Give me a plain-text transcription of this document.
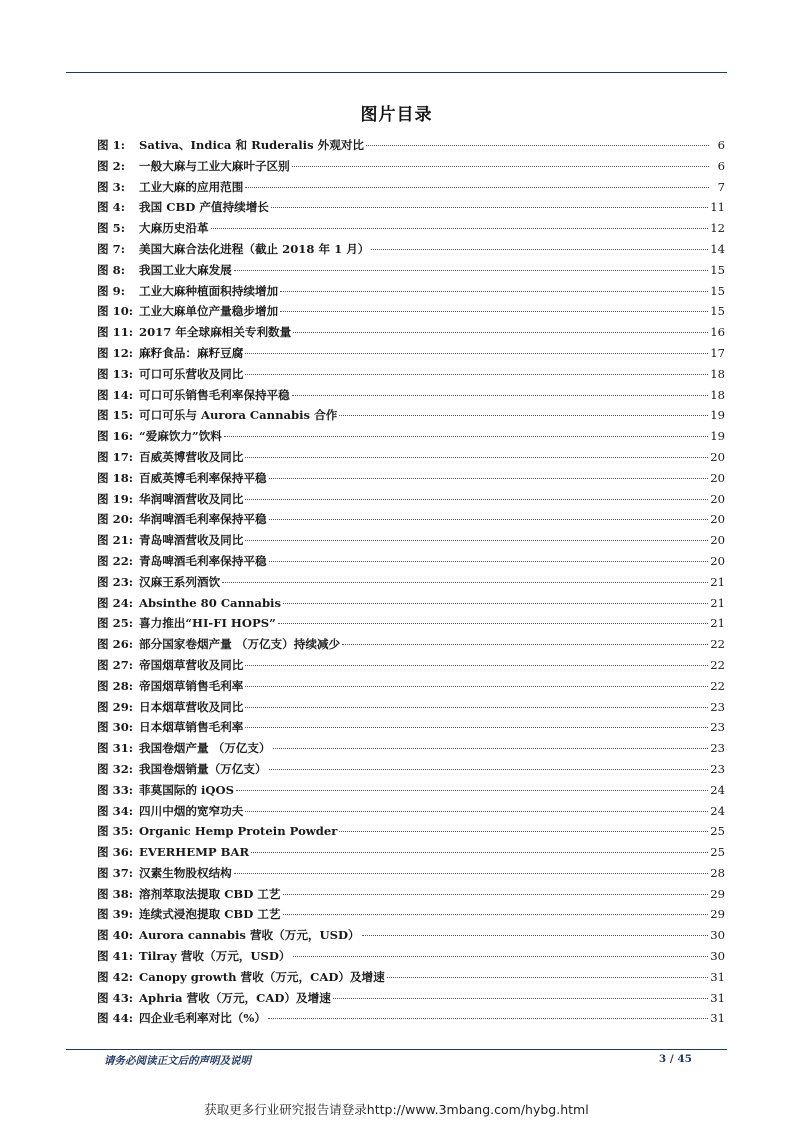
图片目录
图 1:	Sativa、Indica 和 Ruderalis 外观对比	6
图 2:	一般大麻与工业大麻叶子区别	6
图 3:	工业大麻的应用范围	7
图 4:	我国 CBD 产值持续增长	11
图 5:	大麻历史沿革	12
图 7:	美国大麻合法化进程（截止 2018 年 1 月）	14
图 8:	我国工业大麻发展	15
图 9:	工业大麻种植面积持续增加	15
图 10: 工业大麻单位产量稳步增加	15
图 11: 2017 年全球麻相关专利数量	16
图 12: 麻籽食品：麻籽豆腐	17
图 13: 可口可乐营收及同比	18
图 14: 可口可乐销售毛利率保持平稳	18
图 15: 可口可乐与 Aurora Cannabis 合作	19
图 16: “爱麻饮力”饮料	19
图 17: 百威英博营收及同比	20
图 18: 百威英博毛利率保持平稳	20
图 19: 华润啤酒营收及同比	20
图 20: 华润啤酒毛利率保持平稳	20
图 21: 青岛啤酒营收及同比	20
图 22: 青岛啤酒毛利率保持平稳	20
图 23: 汉麻王系列酒饮	21
图 24: Absinthe 80 Cannabis	21
图 25: 喜力推出“HI-FI HOPS”	21
图 26: 部分国家卷烟产量 （万亿支）持续减少	22
图 27: 帝国烟草营收及同比	22
图 28: 帝国烟草销售毛利率	22
图 29: 日本烟草营收及同比	23
图 30: 日本烟草销售毛利率	23
图 31: 我国卷烟产量 （万亿支）	23
图 32: 我国卷烟销量（万亿支）	23
图 33: 菲莫国际的 iQOS	24
图 34: 四川中烟的宽窄功夫	24
图 35: Organic Hemp Protein Powder	25
图 36: EVERHEMP BAR	25
图 37: 汉素生物股权结构	28
图 38: 溶剂萃取法提取 CBD 工艺	29
图 39: 连续式浸泡提取 CBD 工艺	29
图 40: Aurora cannabis 营收（万元，USD）	30
图 41: Tilray 营收（万元，USD）	30
图 42: Canopy growth 营收（万元，CAD）及增速	31
图 43: Aphria 营收（万元，CAD）及增速	31
图 44: 四企业毛利率对比（%）	31
请务必阅读正文后的声明及说明	3 / 45
获取更多行业研究报告请登录http://www.3mbang.com/hybg.html
